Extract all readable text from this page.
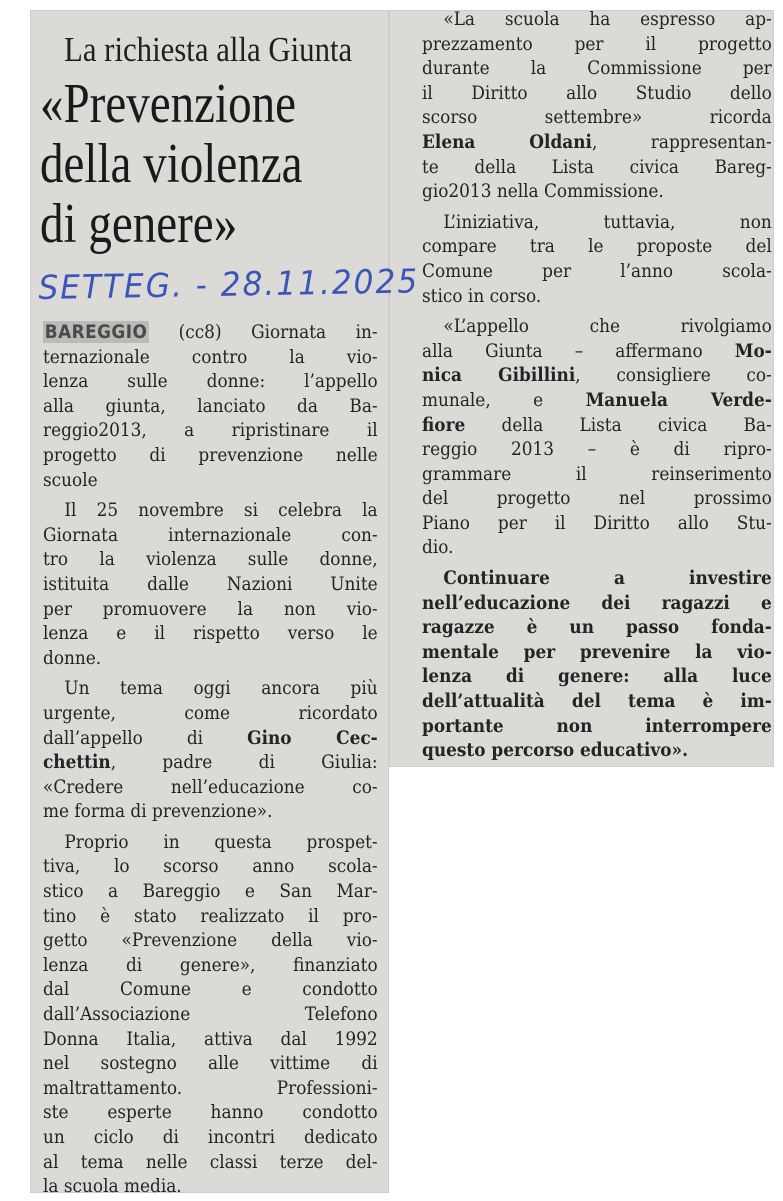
La richiesta alla Giunta
«Prevenzione
della violenza
di genere»
SETTEG. - 28.11.2025
BAREGGIO (cc8) Giornata in-
ternazionale contro la vio-
lenza sulle donne: l’appello
alla giunta, lanciato da Ba-
reggio2013, a ripristinare il
progetto di prevenzione nelle
scuole
Il 25 novembre si celebra la
Giornata internazionale con-
tro la violenza sulle donne,
istituita dalle Nazioni Unite
per promuovere la non vio-
lenza e il rispetto verso le
donne.
Un tema oggi ancora più
urgente, come ricordato
dall’appello di Gino Cec-
chettin, padre di Giulia:
«Credere nell’educazione co-
me forma di prevenzione».
Proprio in questa prospet-
tiva, lo scorso anno scola-
stico a Bareggio e San Mar-
tino è stato realizzato il pro-
getto «Prevenzione della vio-
lenza di genere», finanziato
dal Comune e condotto
dall’Associazione Telefono
Donna Italia, attiva dal 1992
nel sostegno alle vittime di
maltrattamento. Professioni-
ste esperte hanno condotto
un ciclo di incontri dedicato
al tema nelle classi terze del-
la scuola media.
«La scuola ha espresso ap-
prezzamento per il progetto
durante la Commissione per
il Diritto allo Studio dello
scorso settembre» ricorda
Elena Oldani, rappresentan-
te della Lista civica Bareg-
gio2013 nella Commissione.
L’iniziativa, tuttavia, non
compare tra le proposte del
Comune per l’anno scola-
stico in corso.
«L’appello che rivolgiamo
alla Giunta – affermano Mo-
nica Gibillini, consigliere co-
munale, e Manuela Verde-
fiore della Lista civica Ba-
reggio 2013 – è di ripro-
grammare il reinserimento
del progetto nel prossimo
Piano per il Diritto allo Stu-
dio.
Continuare a investire
nell’educazione dei ragazzi e
ragazze è un passo fonda-
mentale per prevenire la vio-
lenza di genere: alla luce
dell’attualità del tema è im-
portante non interrompere
questo percorso educativo».
